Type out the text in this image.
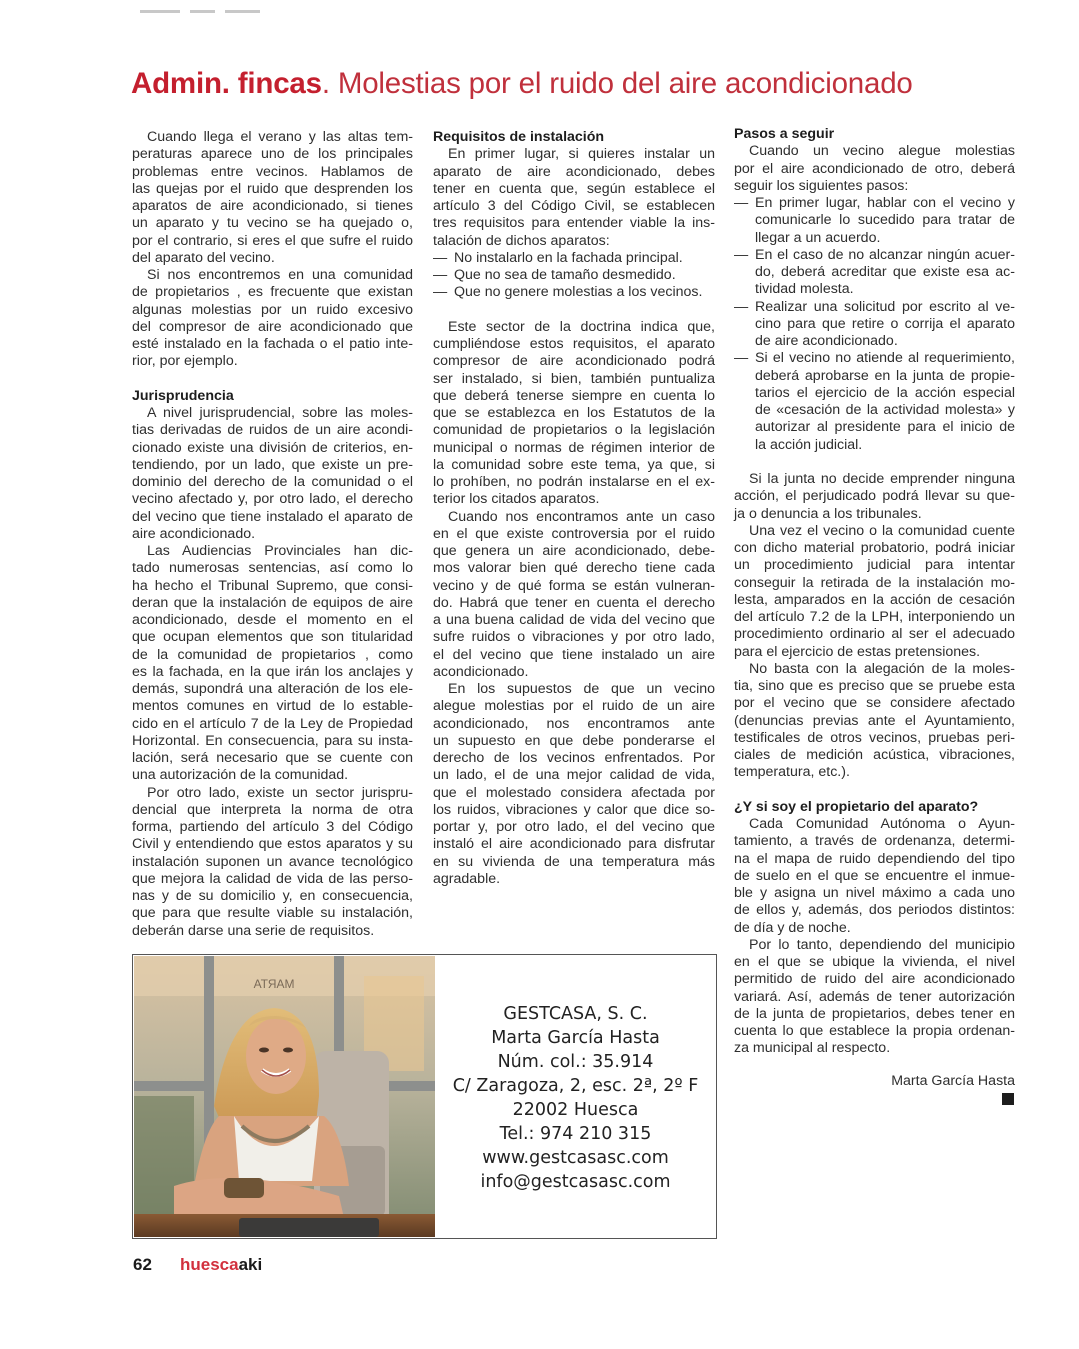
Admin. fincas. Molestias por el ruido del aire acondicionado
Cuando llega el verano y las altas tem-
peraturas aparece uno de los principales
problemas entre vecinos. Hablamos de
las quejas por el ruido que desprenden los
aparatos de aire acondicionado, si tienes
un aparato y tu vecino se ha quejado o,
por el contrario, si eres el que sufre el ruido
del aparato del vecino.
Si nos encontremos en una comunidad
de propietarios , es frecuente que existan
algunas molestias por un ruido excesivo
del compresor de aire acondicionado que
esté instalado en la fachada o el patio inte-
rior, por ejemplo.
Jurisprudencia
A nivel jurisprudencial, sobre las moles-
tias derivadas de ruidos de un aire acondi-
cionado existe una división de criterios, en-
tendiendo, por un lado, que existe un pre-
dominio del derecho de la comunidad o el
vecino afectado y, por otro lado, el derecho
del vecino que tiene instalado el aparato de
aire acondicionado.
Las Audiencias Provinciales han dic-
tado numerosas sentencias, así como lo
ha hecho el Tribunal Supremo, que consi-
deran que la instalación de equipos de aire
acondicionado, desde el momento en el
que ocupan elementos que son titularidad
de la comunidad de propietarios , como
es la fachada, en la que irán los anclajes y
demás, supondrá una alteración de los ele-
mentos comunes en virtud de lo estable-
cido en el artículo 7 de la Ley de Propiedad
Horizontal. En consecuencia, para su insta-
lación, será necesario que se cuente con
una autorización de la comunidad.
Por otro lado, existe un sector jurispru-
dencial que interpreta la norma de otra
forma, partiendo del artículo 3 del Código
Civil y entendiendo que estos aparatos y su
instalación suponen un avance tecnológico
que mejora la calidad de vida de las perso-
nas y de su domicilio y, en consecuencia,
que para que resulte viable su instalación,
deberán darse una serie de requisitos.
Requisitos de instalación
En primer lugar, si quieres instalar un
aparato de aire acondicionado, debes
tener en cuenta que, según establece el
artículo 3 del Código Civil, se establecen
tres requisitos para entender viable la ins-
talación de dichos aparatos:
— No instalarlo en la fachada principal.
— Que no sea de tamaño desmedido.
— Que no genere molestias a los vecinos.
Este sector de la doctrina indica que,
cumpliéndose estos requisitos, el aparato
compresor de aire acondicionado podrá
ser instalado, si bien, también puntualiza
que deberá tenerse siempre en cuenta lo
que se establezca en los Estatutos de la
comunidad de propietarios o la legislación
municipal o normas de régimen interior de
la comunidad sobre este tema, ya que, si
lo prohíben, no podrán instalarse en el ex-
terior los citados aparatos.
Cuando nos encontramos ante un caso
en el que existe controversia por el ruido
que genera un aire acondicionado, debe-
mos valorar bien qué derecho tiene cada
vecino y de qué forma se están vulneran-
do. Habrá que tener en cuenta el derecho
a una buena calidad de vida del vecino que
sufre ruidos o vibraciones y por otro lado,
el del vecino que tiene instalado un aire
acondicionado.
En los supuestos de que un vecino
alegue molestias por el ruido de un aire
acondicionado, nos encontramos ante
un supuesto en que debe ponderarse el
derecho de los vecinos enfrentados. Por
un lado, el de una mejor calidad de vida,
que el molestado considera afectada por
los ruidos, vibraciones y calor que dice so-
portar y, por otro lado, el del vecino que
instaló el aire acondicionado para disfrutar
en su vivienda de una temperatura más
agradable.
Pasos a seguir
Cuando un vecino alegue molestias
por el aire acondicionado de otro, deberá
seguir los siguientes pasos:
— En primer lugar, hablar con el vecino y
comunicarle lo sucedido para tratar de
llegar a un acuerdo.
— En el caso de no alcanzar ningún acuer-
do, deberá acreditar que existe esa ac-
tividad molesta.
— Realizar una solicitud por escrito al ve-
cino para que retire o corrija el aparato
de aire acondicionado.
— Si el vecino no atiende al requerimiento,
deberá aprobarse en la junta de propie-
tarios el ejercicio de la acción especial
de «cesación de la actividad molesta» y
autorizar al presidente para el inicio de
la acción judicial.
Si la junta no decide emprender ninguna
acción, el perjudicado podrá llevar su que-
ja o denuncia a los tribunales.
Una vez el vecino o la comunidad cuente
con dicho material probatorio, podrá iniciar
un procedimiento judicial para intentar
conseguir la retirada de la instalación mo-
lesta, amparados en la acción de cesación
del artículo 7.2 de la LPH, interponiendo un
procedimiento ordinario al ser el adecuado
para el ejercicio de estas pretensiones.
No basta con la alegación de la moles-
tia, sino que es preciso que se pruebe esta
por el vecino que se considere afectado
(denuncias previas ante el Ayuntamiento,
testificales de otros vecinos, pruebas peri-
ciales de medición acústica, vibraciones,
temperatura, etc.).
¿Y si soy el propietario del aparato?
Cada Comunidad Autónoma o Ayun-
tamiento, a través de ordenanza, determi-
na el mapa de ruido dependiendo del tipo
de suelo en el que se encuentre el inmue-
ble y asigna un nivel máximo a cada uno
de ellos y, además, dos periodos distintos:
de día y de noche.
Por lo tanto, dependiendo del municipio
en el que se ubique la vivienda, el nivel
permitido de ruido del aire acondicionado
variará. Así, además de tener autorización
de la junta de propietarios, debes tener en
cuenta lo que establece la propia ordenan-
za municipal al respecto.
Marta García Hasta
MARTA
GESTCASA, S. C.
Marta García Hasta
Núm. col.: 35.914
C/ Zaragoza, 2, esc. 2ª, 2º F
22002 Huesca
Tel.: 974 210 315
www.gestcasasc.com
info@gestcasasc.com
62 huescaaki
